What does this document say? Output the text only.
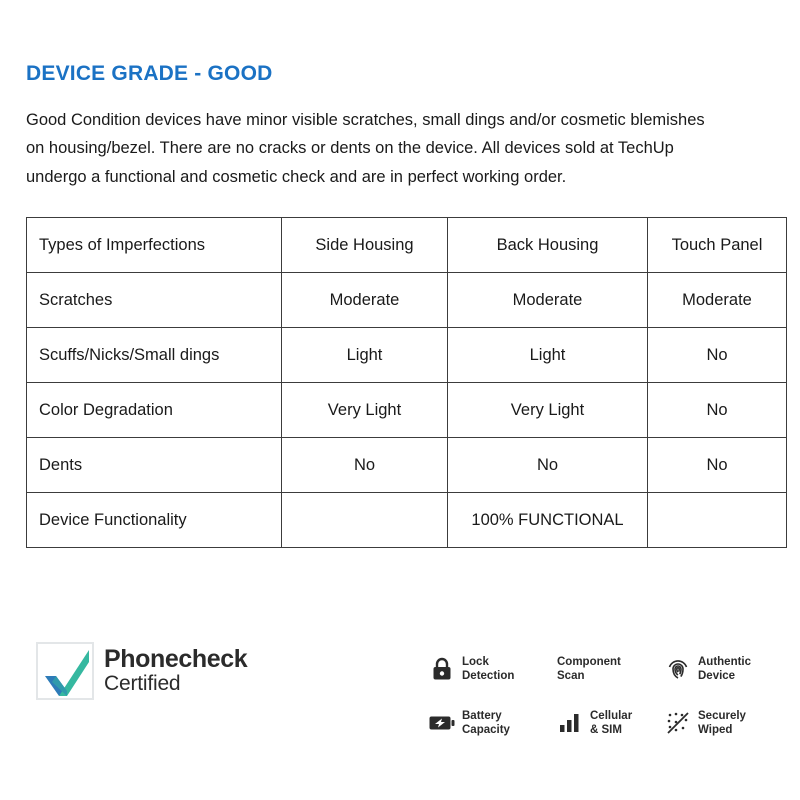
DEVICE GRADE - GOOD

Good Condition devices have minor visible scratches, small dings and/or cosmetic blemishes on housing/bezel. There are no cracks or dents on the device. All devices sold at TechUp undergo a functional and cosmetic check and are in perfect working order.

Types of Imperfections	Side Housing	Back Housing	Touch Panel
Scratches	Moderate	Moderate	Moderate
Scuffs/Nicks/Small dings	Light	Light	No
Color Degradation	Very Light	Very Light	No
Dents	No	No	No
Device Functionality		100% FUNCTIONAL	
Phonecheck
Certified
Lock
Detection
Component
Scan
Authentic
Device
Battery
Capacity
Cellular
& SIM
Securely
Wiped
